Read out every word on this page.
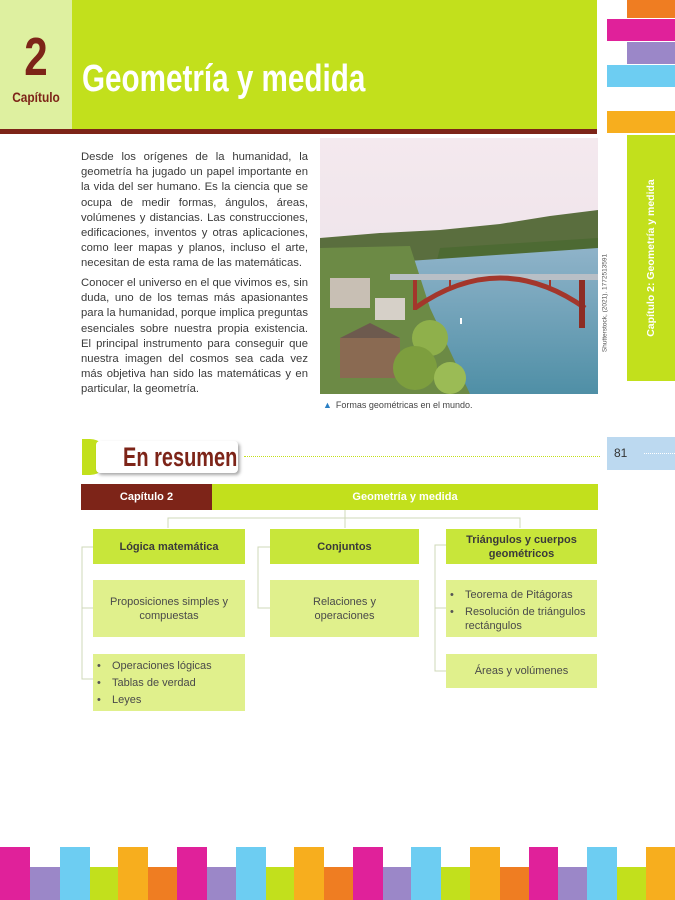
2
Capítulo Geometría y medida
Capítulo 2: Geometría y medida

Desde los orígenes de la humanidad, la geometría ha jugado un papel importante en la vida del ser humano. Es la ciencia que se ocupa de medir formas, ángulos, áreas, volúmenes y distancias. Las construcciones, edificaciones, inventos y otras aplicaciones, como leer mapas y planos, incluso el arte, necesitan de esta rama de las matemáticas.

Conocer el universo en el que vivimos es, sin duda, uno de los temas más apasionantes para la humanidad, porque implica preguntas esenciales sobre nuestra propia existencia. El principal instrumento para conseguir que nuestra imagen del cosmos sea cada vez más objetiva han sido las matemáticas y en particular, la geometría.

Shutterstock, (2021). 1772513591
▲ Formas geométricas en el mundo.
En resumen	81
Capítulo 2	Geometría y medida
Lógica matemática
Proposiciones simples y compuestas
• Operaciones lógicas
• Tablas de verdad
• Leyes
Conjuntos
Relaciones y operaciones
Triángulos y cuerpos geométricos
• Teorema de Pitágoras
• Resolución de triángulos rectángulos
Áreas y volúmenes
